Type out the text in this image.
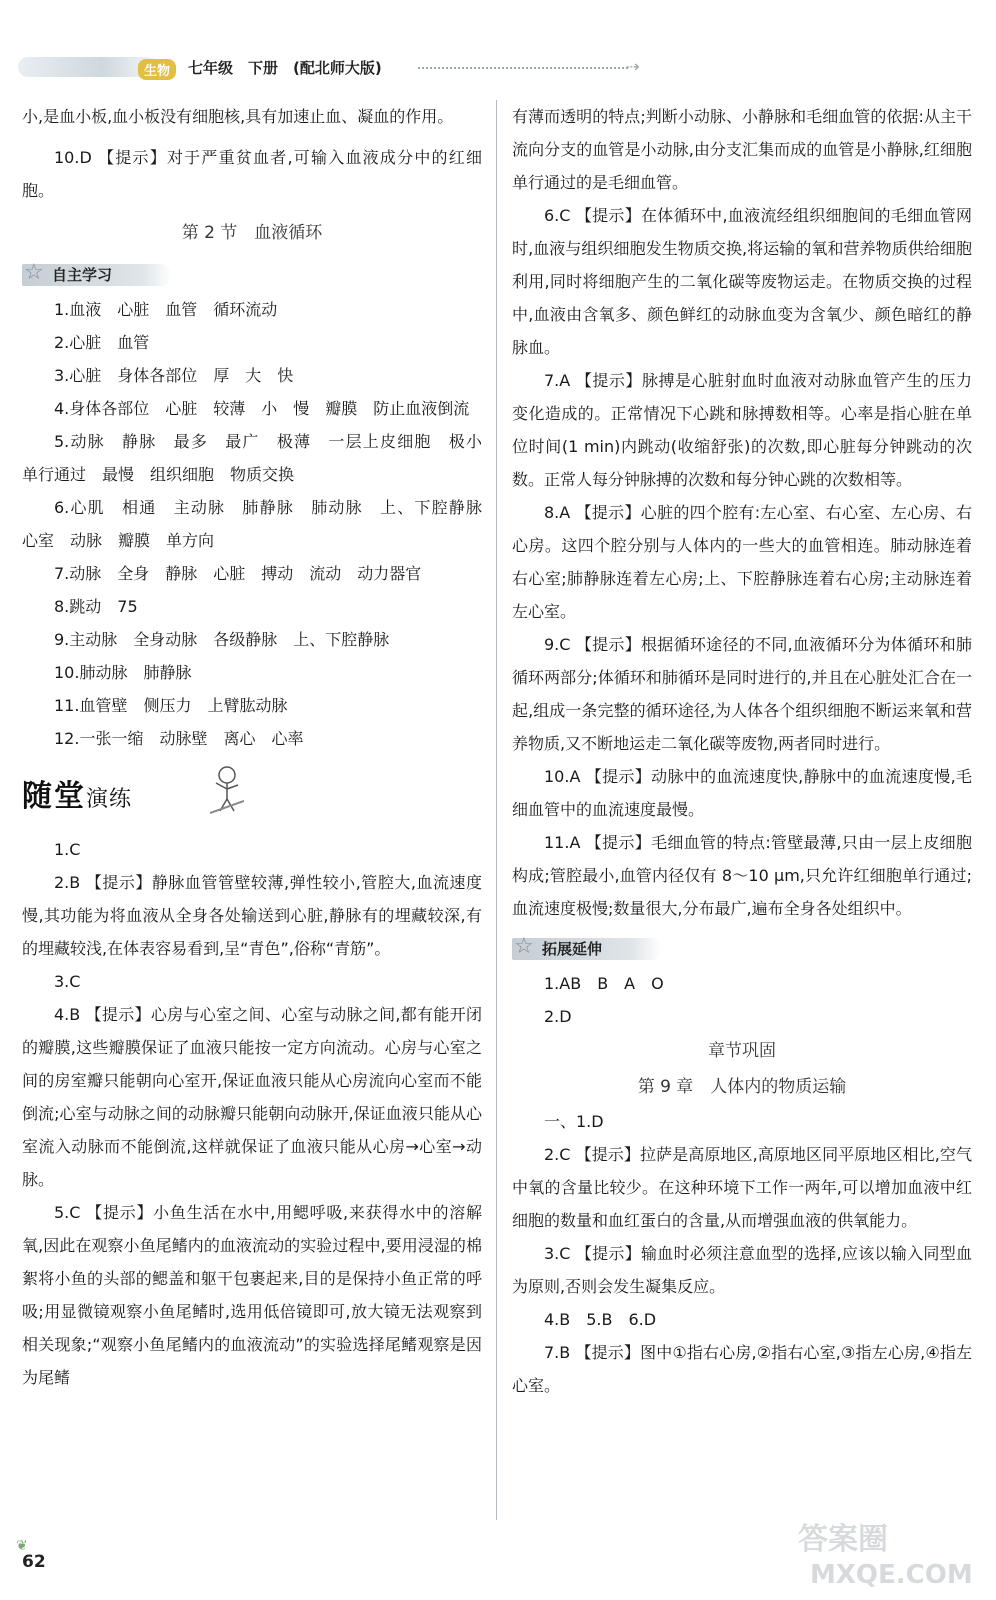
生物	七年级　下册　(配北师大版)	⇢

小,是血小板,血小板没有细胞核,具有加速止血、凝血的作用。

10.D 【提示】对于严重贫血者,可输入血液成分中的红细胞。

第 2 节　血液循环

☆ 自主学习

1.血液　心脏　血管　循环流动

2.心脏　血管

3.心脏　身体各部位　厚　大　快

4.身体各部位　心脏　较薄　小　慢　瓣膜　防止血液倒流

5.动脉　静脉　最多　最广　极薄　一层上皮细胞　极小　单行通过　最慢　组织细胞　物质交换

6.心肌　相通　主动脉　肺静脉　肺动脉　上、下腔静脉　心室　动脉　瓣膜　单方向

7.动脉　全身　静脉　心脏　搏动　流动　动力器官

8.跳动　75

9.主动脉　全身动脉　各级静脉　上、下腔静脉

10.肺动脉　肺静脉

11.血管壁　侧压力　上臂肱动脉

12.一张一缩　动脉壁　离心　心率

随堂演练

1.C

2.B 【提示】静脉血管管壁较薄,弹性较小,管腔大,血流速度慢,其功能为将血液从全身各处输送到心脏,静脉有的埋藏较深,有的埋藏较浅,在体表容易看到,呈“青色”,俗称“青筋”。

3.C

4.B 【提示】心房与心室之间、心室与动脉之间,都有能开闭的瓣膜,这些瓣膜保证了血液只能按一定方向流动。心房与心室之间的房室瓣只能朝向心室开,保证血液只能从心房流向心室而不能倒流;心室与动脉之间的动脉瓣只能朝向动脉开,保证血液只能从心室流入动脉而不能倒流,这样就保证了血液只能从心房→心室→动脉。

5.C 【提示】小鱼生活在水中,用鳃呼吸,来获得水中的溶解氧,因此在观察小鱼尾鳍内的血液流动的实验过程中,要用浸湿的棉絮将小鱼的头部的鳃盖和躯干包裹起来,目的是保持小鱼正常的呼吸;用显微镜观察小鱼尾鳍时,选用低倍镜即可,放大镜无法观察到相关现象;“观察小鱼尾鳍内的血液流动”的实验选择尾鳍观察是因为尾鳍

有薄而透明的特点;判断小动脉、小静脉和毛细血管的依据:从主干流向分支的血管是小动脉,由分支汇集而成的血管是小静脉,红细胞单行通过的是毛细血管。

6.C 【提示】在体循环中,血液流经组织细胞间的毛细血管网时,血液与组织细胞发生物质交换,将运输的氧和营养物质供给细胞利用,同时将细胞产生的二氧化碳等废物运走。在物质交换的过程中,血液由含氧多、颜色鲜红的动脉血变为含氧少、颜色暗红的静脉血。

7.A 【提示】脉搏是心脏射血时血液对动脉血管产生的压力变化造成的。正常情况下心跳和脉搏数相等。心率是指心脏在单位时间(1 min)内跳动(收缩舒张)的次数,即心脏每分钟跳动的次数。正常人每分钟脉搏的次数和每分钟心跳的次数相等。

8.A 【提示】心脏的四个腔有:左心室、右心室、左心房、右心房。这四个腔分别与人体内的一些大的血管相连。肺动脉连着右心室;肺静脉连着左心房;上、下腔静脉连着右心房;主动脉连着左心室。

9.C 【提示】根据循环途径的不同,血液循环分为体循环和肺循环两部分;体循环和肺循环是同时进行的,并且在心脏处汇合在一起,组成一条完整的循环途径,为人体各个组织细胞不断运来氧和营养物质,又不断地运走二氧化碳等废物,两者同时进行。

10.A 【提示】动脉中的血流速度快,静脉中的血流速度慢,毛细血管中的血流速度最慢。

11.A 【提示】毛细血管的特点:管壁最薄,只由一层上皮细胞构成;管腔最小,血管内径仅有 8～10 μm,只允许红细胞单行通过;血流速度极慢;数量很大,分布最广,遍布全身各处组织中。

☆ 拓展延伸

1.AB　B　A　O

2.D

章节巩固

第 9 章　人体内的物质运输

一、1.D

2.C 【提示】拉萨是高原地区,高原地区同平原地区相比,空气中氧的含量比较少。在这种环境下工作一两年,可以增加血液中红细胞的数量和血红蛋白的含量,从而增强血液的供氧能力。

3.C 【提示】输血时必须注意血型的选择,应该以输入同型血为原则,否则会发生凝集反应。

4.B　5.B　6.D

7.B 【提示】图中①指右心房,②指右心室,③指左心房,④指左心室。

❦
62
答案圈
MXQE.COM
